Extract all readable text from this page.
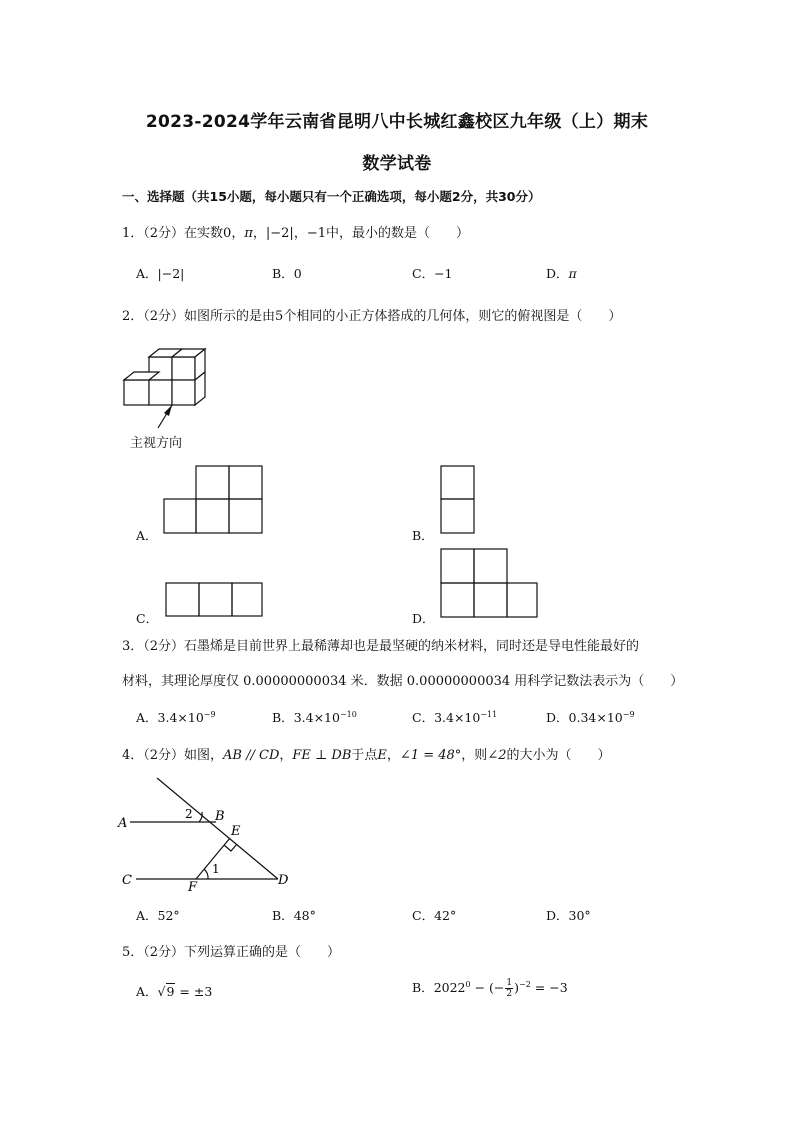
2023-2024学年云南省昆明八中长城红鑫校区九年级（上）期末
数学试卷
一、选择题（共15小题，每小题只有一个正确选项，每小题2分，共30分）
1．（2分）在实数0，π，|−2|，−1中，最小的数是（　　）
A．|−2|	B．0	C．−1	D．π
2．（2分）如图所示的是由5个相同的小正方体搭成的几何体，则它的俯视图是（　　）
主视方向
A．	B．
C．	D．
3．（2分）石墨烯是目前世界上最稀薄却也是最坚硬的纳米材料，同时还是导电性能最好的
材料，其理论厚度仅 0.00000000034 米．数据 0.00000000034 用科学记数法表示为（　　）
A．$3.4\times 10^{-9}$	B．$3.4\times 10^{-10}$	C．$3.4\times 10^{-11}$	D．$0.34\times 10^{-9}$
4．（2分）如图，AB // CD，FE ⊥ DB于点E，∠1 = 48°，则∠2的大小为（　　）
A	B
C	D
E
F
1
2
A．52°	B．48°	C．42°	D．30°
5．（2分）下列运算正确的是（　　）
A．√9 = ±3	B．$2022^0$ − (− $\frac{1}{2} )^{-2} = -3$
